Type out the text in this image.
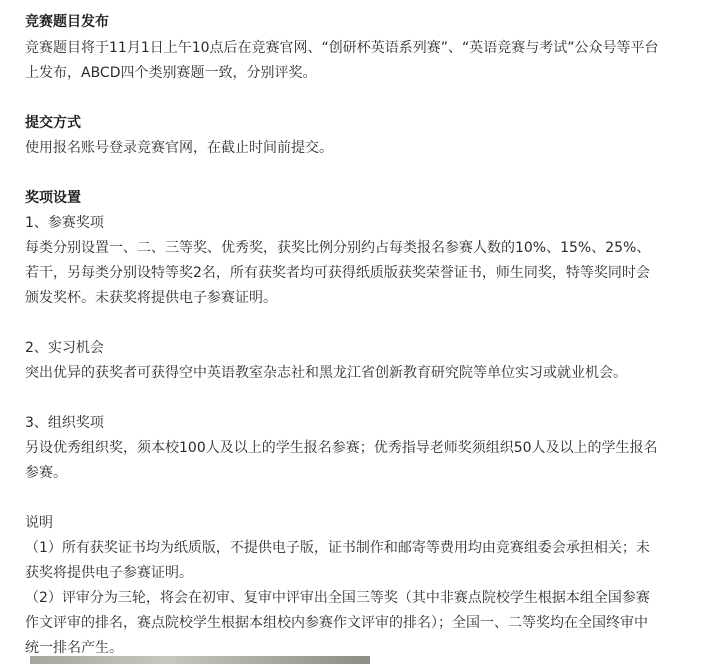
竞赛题目发布
竞赛题目将于11月1日上午10点后在竞赛官网、“创研杯英语系列赛”、“英语竞赛与考试”公众号等平台
上发布，ABCD四个类别赛题一致，分别评奖。
提交方式
使用报名账号登录竞赛官网，在截止时间前提交。
奖项设置
1、参赛奖项
每类分别设置一、二、三等奖、优秀奖，获奖比例分别约占每类报名参赛人数的10%、15%、25%、
若干，另每类分别设特等奖2名，所有获奖者均可获得纸质版获奖荣誉证书，师生同奖，特等奖同时会
颁发奖杯。未获奖将提供电子参赛证明。
2、实习机会
突出优异的获奖者可获得空中英语教室杂志社和黑龙江省创新教育研究院等单位实习或就业机会。
3、组织奖项
另设优秀组织奖，须本校100人及以上的学生报名参赛；优秀指导老师奖须组织50人及以上的学生报名
参赛。
说明
（1）所有获奖证书均为纸质版，不提供电子版，证书制作和邮寄等费用均由竞赛组委会承担相关；未
获奖将提供电子参赛证明。
（2）评审分为三轮，将会在初审、复审中评审出全国三等奖（其中非赛点院校学生根据本组全国参赛
作文评审的排名，赛点院校学生根据本组校内参赛作文评审的排名）；全国一、二等奖均在全国终审中
统一排名产生。
